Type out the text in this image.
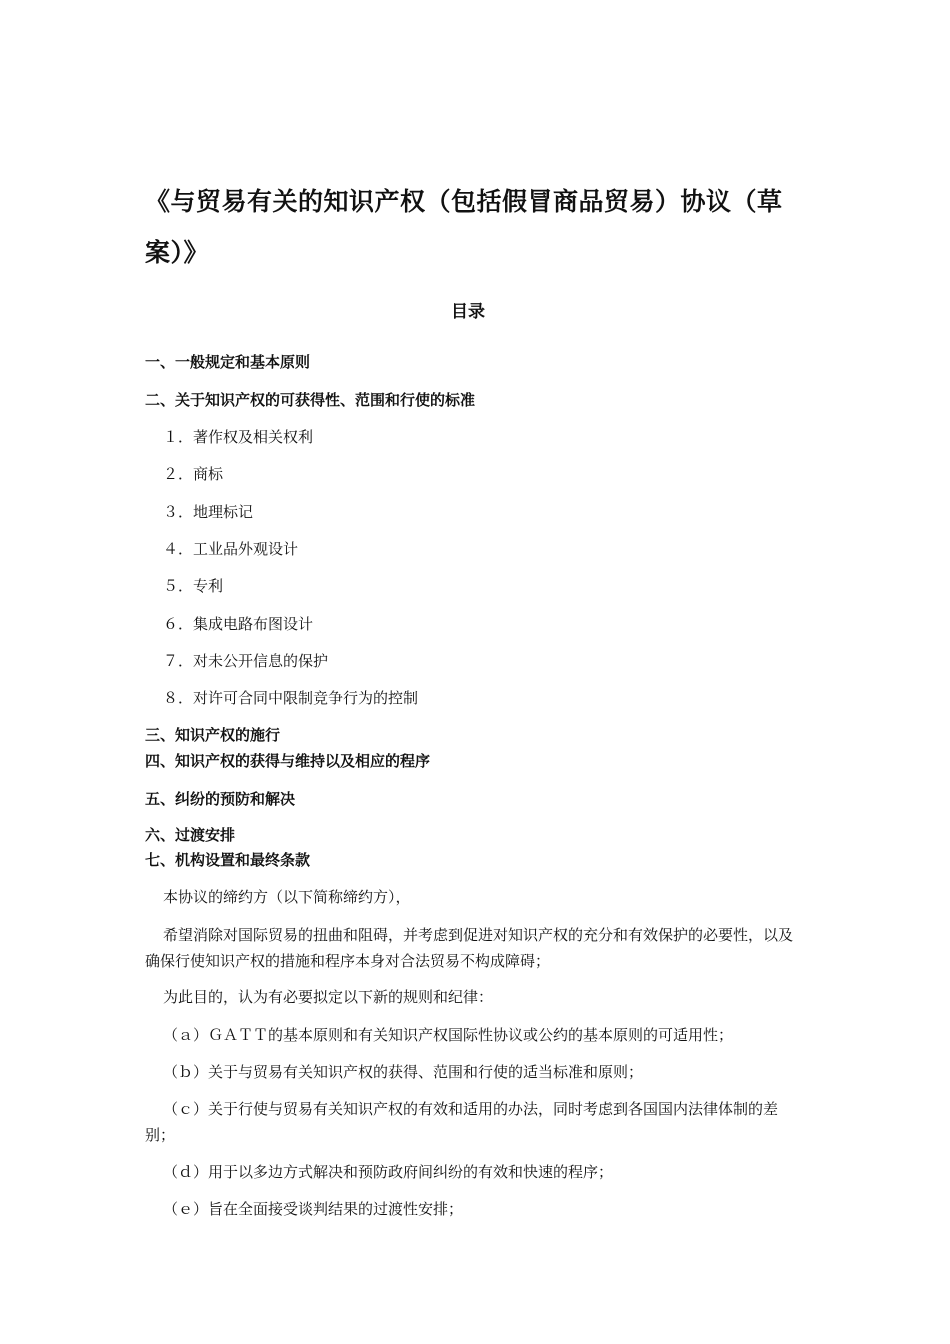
《与贸易有关的知识产权（包括假冒商品贸易）协议（草案）》
目录

一、一般规定和基本原则

二、关于知识产权的可获得性、范围和行使的标准

１．著作权及相关权利

２．商标

３．地理标记

４．工业品外观设计

５．专利

６．集成电路布图设计

７．对未公开信息的保护

８．对许可合同中限制竞争行为的控制

三、知识产权的施行

四、知识产权的获得与维持以及相应的程序

五、纠纷的预防和解决

六、过渡安排

七、机构设置和最终条款

本协议的缔约方（以下简称缔约方），

希望消除对国际贸易的扭曲和阻碍，并考虑到促进对知识产权的充分和有效保护的必要性，以及确保行使知识产权的措施和程序本身对合法贸易不构成障碍；

为此目的，认为有必要拟定以下新的规则和纪律：

（ａ）ＧＡＴＴ的基本原则和有关知识产权国际性协议或公约的基本原则的可适用性；

（ｂ）关于与贸易有关知识产权的获得、范围和行使的适当标准和原则；

（ｃ）关于行使与贸易有关知识产权的有效和适用的办法，同时考虑到各国国内法律体制的差别；

（ｄ）用于以多边方式解决和预防政府间纠纷的有效和快速的程序；

（ｅ）旨在全面接受谈判结果的过渡性安排；
